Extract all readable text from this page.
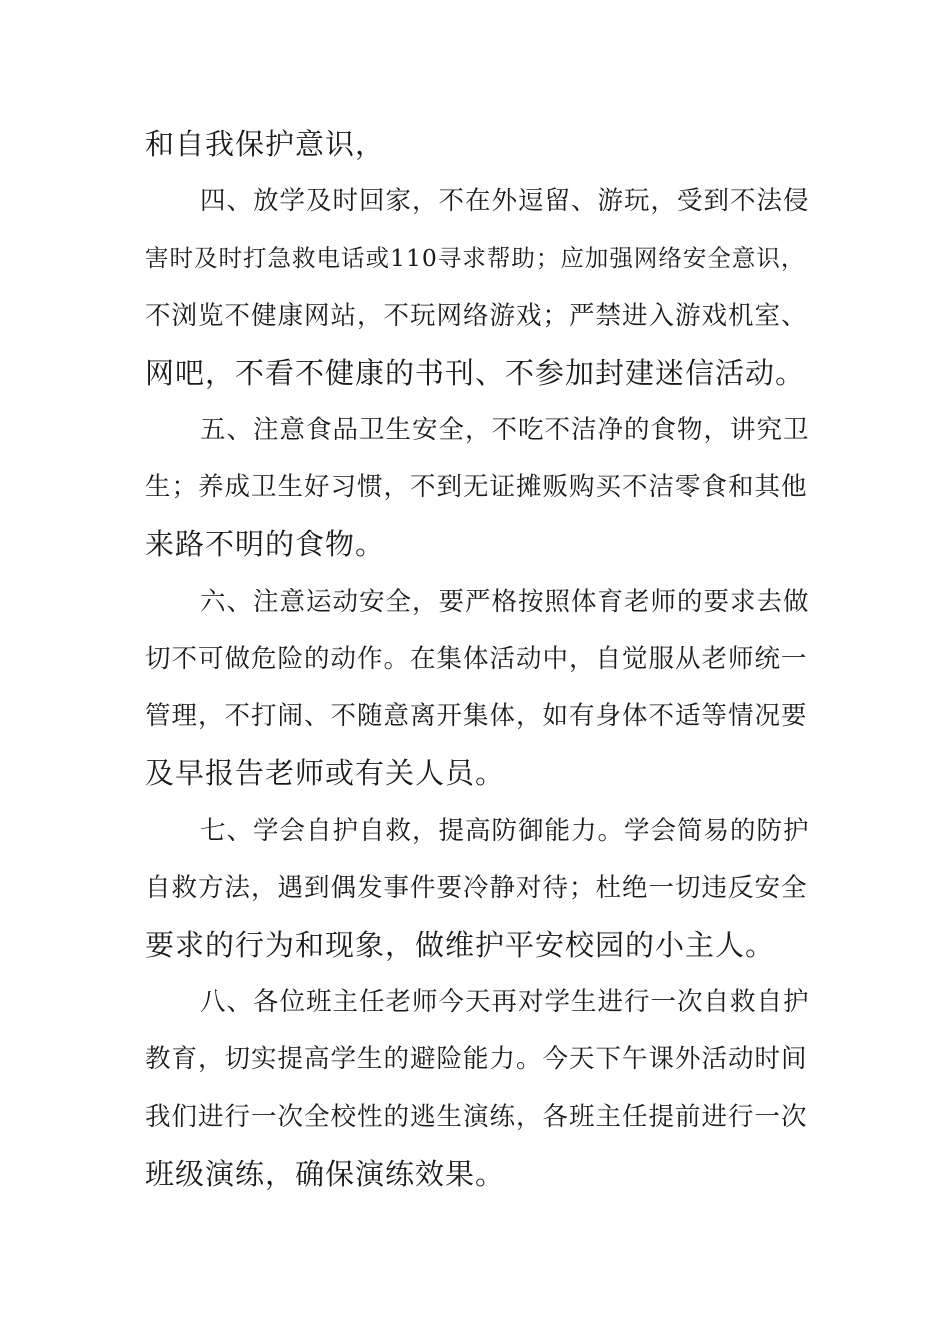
和自我保护意识，
四、放学及时回家，不在外逗留、游玩，受到不法侵
害时及时打急救电话或110寻求帮助；应加强网络安全意识，
不浏览不健康网站，不玩网络游戏；严禁进入游戏机室、
网吧，不看不健康的书刊、不参加封建迷信活动。
五、注意食品卫生安全，不吃不洁净的食物，讲究卫
生；养成卫生好习惯，不到无证摊贩购买不洁零食和其他
来路不明的食物。
六、注意运动安全，要严格按照体育老师的要求去做
切不可做危险的动作。在集体活动中，自觉服从老师统一
管理，不打闹、不随意离开集体，如有身体不适等情况要
及早报告老师或有关人员。
七、学会自护自救，提高防御能力。学会简易的防护
自救方法，遇到偶发事件要冷静对待；杜绝一切违反安全
要求的行为和现象，做维护平安校园的小主人。
八、各位班主任老师今天再对学生进行一次自救自护
教育，切实提高学生的避险能力。今天下午课外活动时间
我们进行一次全校性的逃生演练，各班主任提前进行一次
班级演练，确保演练效果。
